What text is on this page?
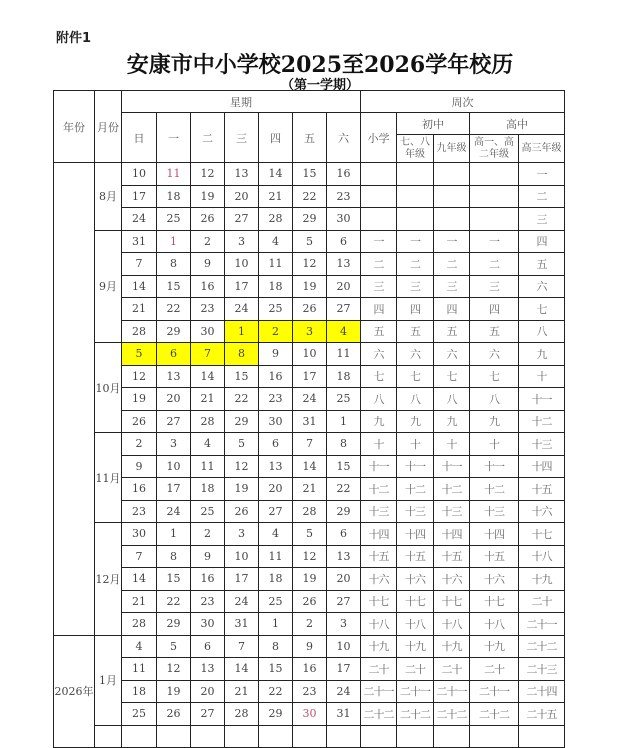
附件1
安康市中小学校2025至2026学年校历
（第一学期）
年份	月份	星期							周次				
		日	一	二	三	四	五	六	小学	初中		高中	
										七、八年级	九年级	高一、高二年级	高三年级
	8月	10	11	12	13	14	15	16					一
		17	18	19	20	21	22	23					二
		24	25	26	27	28	29	30					三
	9月	31	1	2	3	4	5	6	一	一	一	一	四
		7	8	9	10	11	12	13	二	二	二	二	五
		14	15	16	17	18	19	20	三	三	三	三	六
		21	22	23	24	25	26	27	四	四	四	四	七
		28	29	30	1	2	3	4	五	五	五	五	八
	10月	5	6	7	8	9	10	11	六	六	六	六	九
		12	13	14	15	16	17	18	七	七	七	七	十
		19	20	21	22	23	24	25	八	八	八	八	十一
		26	27	28	29	30	31	1	九	九	九	九	十二
	11月	2	3	4	5	6	7	8	十	十	十	十	十三
		9	10	11	12	13	14	15	十一	十一	十一	十一	十四
		16	17	18	19	20	21	22	十二	十二	十二	十二	十五
		23	24	25	26	27	28	29	十三	十三	十三	十三	十六
	12月	30	1	2	3	4	5	6	十四	十四	十四	十四	十七
		7	8	9	10	11	12	13	十五	十五	十五	十五	十八
		14	15	16	17	18	19	20	十六	十六	十六	十六	十九
		21	22	23	24	25	26	27	十七	十七	十七	十七	二十
		28	29	30	31	1	2	3	十八	十八	十八	十八	二十一
2026年	1月	4	5	6	7	8	9	10	十九	十九	十九	十九	二十二
		11	12	13	14	15	16	17	二十	二十	二十	二十	二十三
		18	19	20	21	22	23	24	二十一	二十一	二十一	二十一	二十四
		25	26	27	28	29	30	31	二十二	二十二	二十二	二十二	二十五
